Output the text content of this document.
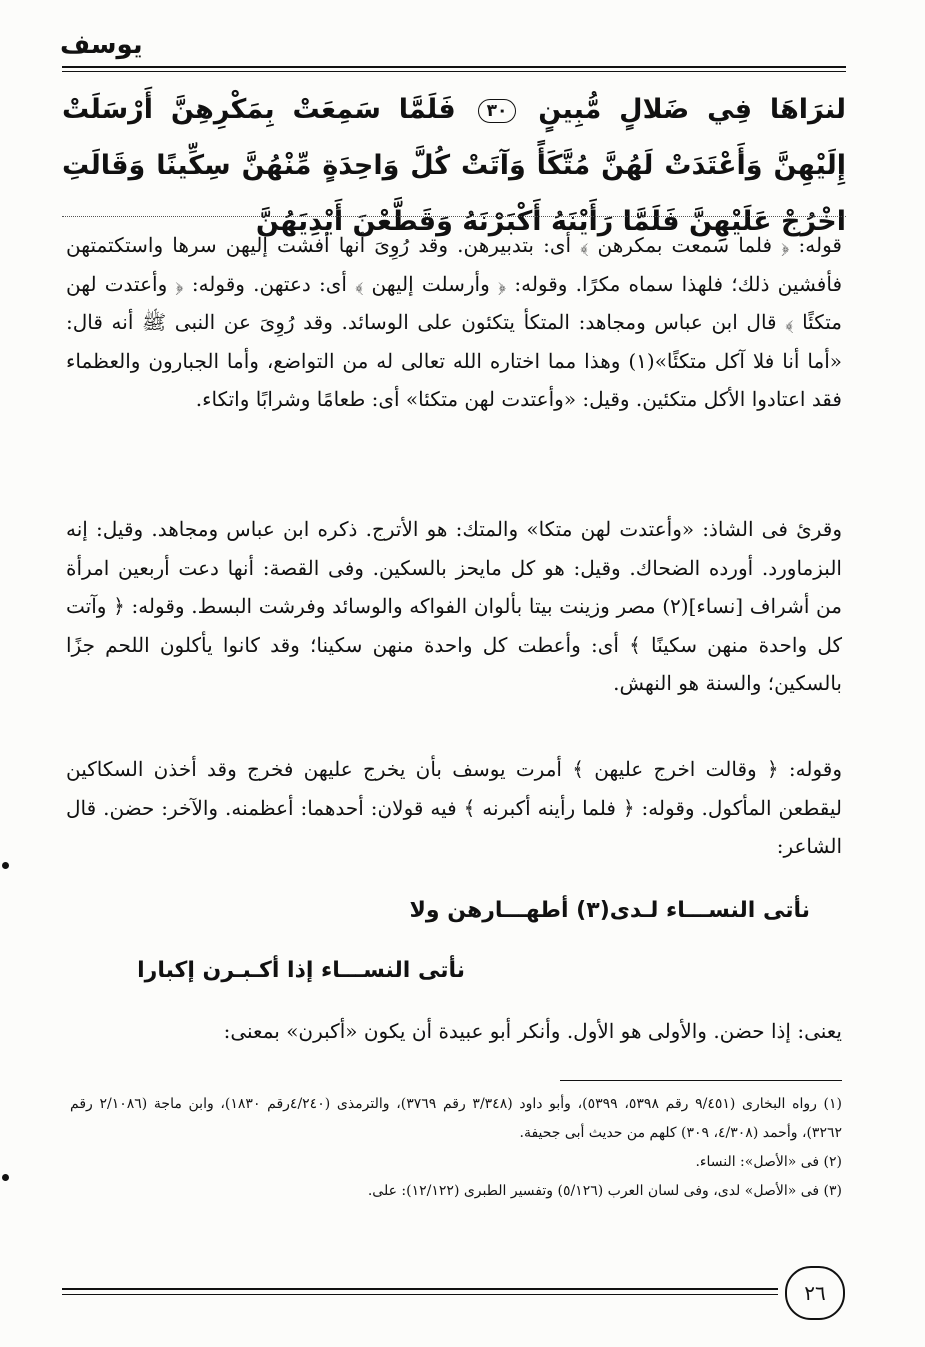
يوسف
لنرَاهَا فِي ضَلالٍ مُّبِينٍ ٣٠ فَلَمَّا سَمِعَتْ بِمَكْرِهِنَّ أَرْسَلَتْ إِلَيْهِنَّ وَأَعْتَدَتْ لَهُنَّ مُتَّكَأً وَآتَتْ كُلَّ وَاحِدَةٍ مِّنْهُنَّ سِكِّينًا وَقَالَتِ اخْرُجْ عَلَيْهِنَّ فَلَمَّا رَأَيْنَهُ أَكْبَرْنَهُ وَقَطَّعْنَ أَيْدِيَهُنَّ
قوله: ﴿ فلما سمعت بمكرهن ﴾ أى: بتدبيرهن. وقد رُوِىَ أنها أفشت إليهن سرها واستكتمتهن فأفشين ذلك؛ فلهذا سماه مكرًا. وقوله: ﴿ وأرسلت إليهن ﴾ أى: دعتهن. وقوله: ﴿ وأعتدت لهن متكئًا ﴾ قال ابن عباس ومجاهد: المتكأ يتكئون على الوسائد. وقد رُوِىَ عن النبى ﷺ أنه قال: «أما أنا فلا آكل متكئًا»(١) وهذا مما اختاره الله تعالى له من التواضع، وأما الجبارون والعظماء فقد اعتادوا الأكل متكئين. وقيل: «وأعتدت لهن متكئا» أى: طعامًا وشرابًا واتكاء.
وقرئ فى الشاذ: «وأعتدت لهن متكا» والمتك: هو الأترج. ذكره ابن عباس ومجاهد. وقيل: إنه البزماورد. أورده الضحاك. وقيل: هو كل مايحز بالسكين. وفى القصة: أنها دعت أربعين امرأة من أشراف [نساء](٢) مصر وزينت بيتا بألوان الفواكه والوسائد وفرشت البسط. وقوله: ﴿ وآتت كل واحدة منهن سكينًا ﴾ أى: وأعطت كل واحدة منهن سكينا؛ وقد كانوا يأكلون اللحم جزًا بالسكين؛ والسنة هو النهش.
وقوله: ﴿ وقالت اخرج عليهن ﴾ أمرت يوسف بأن يخرج عليهن فخرج وقد أخذن السكاكين ليقطعن المأكول. وقوله: ﴿ فلما رأينه أكبرنه ﴾ فيه قولان: أحدهما: أعظمنه. والآخر: حضن. قال الشاعر:
نأتى النســـاء لـدى(٣) أطهـــارهن ولا
نأتى النســـاء إذا أكـبـرن إكبارا
يعنى: إذا حضن. والأولى هو الأول. وأنكر أبو عبيدة أن يكون «أكبرن» بمعنى:

(١) رواه البخارى (٩/٤٥١ رقم ٥٣٩٨، ٥٣٩٩)، وأبو داود (٣/٣٤٨ رقم ٣٧٦٩)، والترمذى (٤/٢٤٠رقم ١٨٣٠)، وابن ماجة (٢/١٠٨٦ رقم ٣٢٦٢)، وأحمد (٤/٣٠٨، ٣٠٩) كلهم من حديث أبى جحيفة.

(٢) فى «الأصل»: النساء.

(٣) فى «الأصل» لدى، وفى لسان العرب (٥/١٢٦) وتفسير الطبرى (١٢/١٢٢): على.

٢٦
